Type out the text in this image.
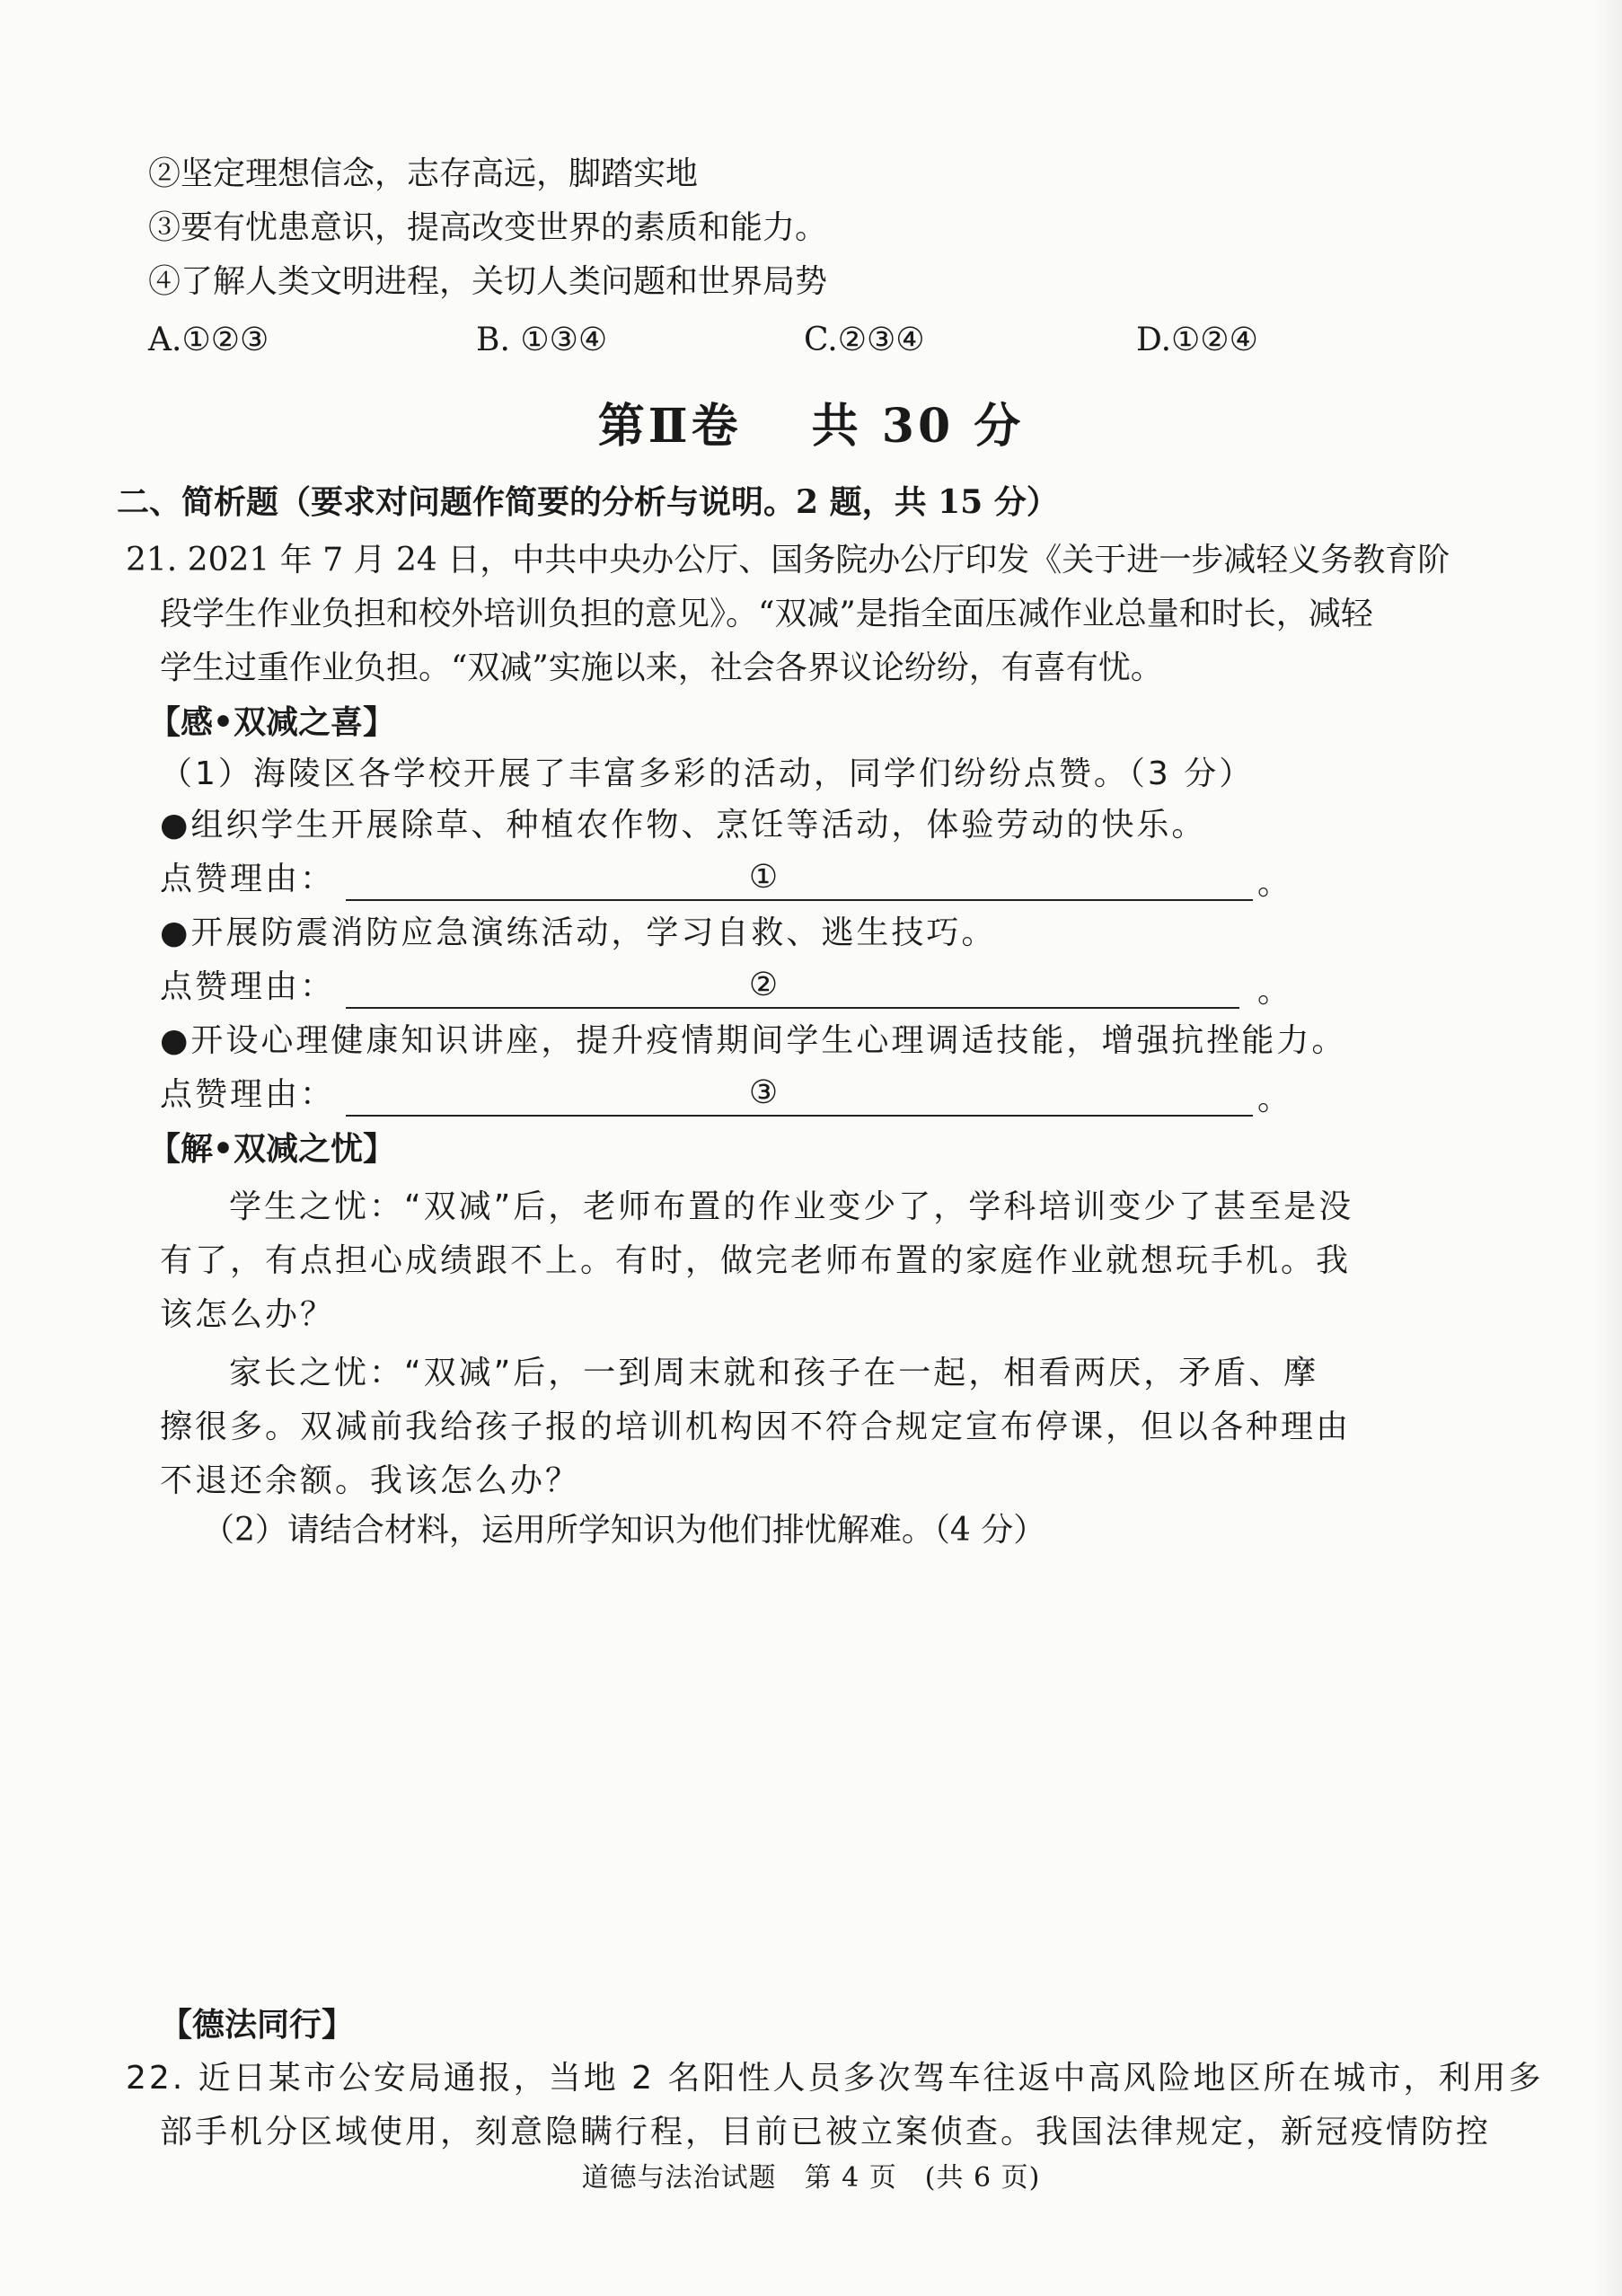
②坚定理想信念，志存高远，脚踏实地
③要有忧患意识，提高改变世界的素质和能力。
④了解人类文明进程，关切人类问题和世界局势
A.①②③	B. ①③④	C.②③④	D.①②④
第Ⅱ卷　 共 30 分
二、简析题（要求对问题作简要的分析与说明。2 题，共 15 分）
21. 2021 年 7 月 24 日，中共中央办公厅、国务院办公厅印发《关于进一步减轻义务教育阶
段学生作业负担和校外培训负担的意见》。“双减”是指全面压减作业总量和时长，减轻
学生过重作业负担。“双减”实施以来，社会各界议论纷纷，有喜有忧。
【感•双减之喜】
（1）海陵区各学校开展了丰富多彩的活动，同学们纷纷点赞。（3 分）
●组织学生开展除草、种植农作物、烹饪等活动，体验劳动的快乐。
点赞理由：	①	。
●开展防震消防应急演练活动，学习自救、逃生技巧。
点赞理由：	②	。
●开设心理健康知识讲座，提升疫情期间学生心理调适技能，增强抗挫能力。
点赞理由：	③	。
【解•双减之忧】
学生之忧：“双减”后，老师布置的作业变少了，学科培训变少了甚至是没
有了，有点担心成绩跟不上。有时，做完老师布置的家庭作业就想玩手机。我
该怎么办？
家长之忧：“双减”后，一到周末就和孩子在一起，相看两厌，矛盾、摩
擦很多。双减前我给孩子报的培训机构因不符合规定宣布停课，但以各种理由
不退还余额。我该怎么办？
（2）请结合材料，运用所学知识为他们排忧解难。（4 分）
【德法同行】
22. 近日某市公安局通报，当地 2 名阳性人员多次驾车往返中高风险地区所在城市，利用多
部手机分区域使用，刻意隐瞒行程，目前已被立案侦查。我国法律规定，新冠疫情防控
道德与法治试题　第 4 页　(共 6 页)
